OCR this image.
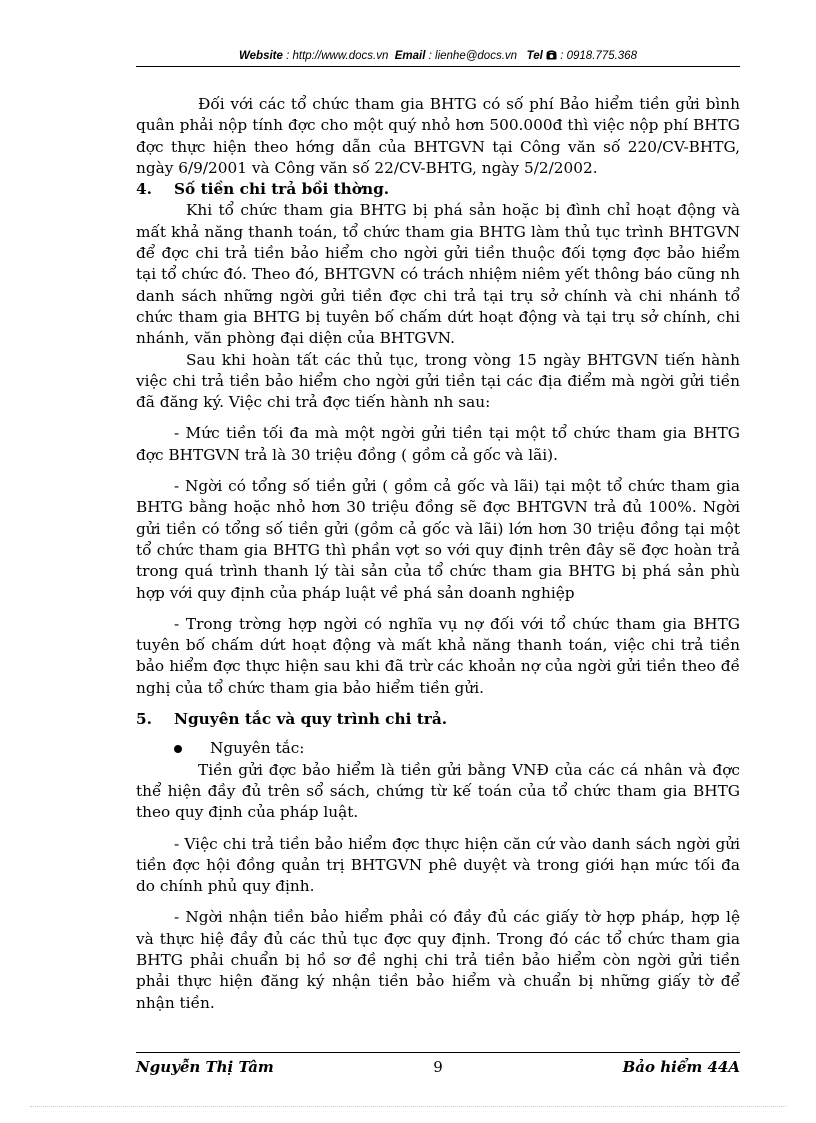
Website : http://www.docs.vn Email : lienhe@docs.vn Tel : 0918.775.368

Đối với các tổ chức tham gia BHTG có số phí Bảo hiểm tiền gửi bình quân phải nộp tính đợc cho một quý nhỏ hơn 500.000đ thì việc nộp phí BHTG đợc thực hiện theo hớng dẫn của BHTGVN tại Công văn số 220/CV-BHTG, ngày 6/9/2001 và Công văn số 22/CV-BHTG, ngày 5/2/2002.

4.	Số tiền chi trả bồi thờng.

Khi tổ chức tham gia BHTG bị phá sản hoặc bị đình chỉ hoạt động và mất khả năng thanh toán, tổ chức tham gia BHTG làm thủ tục trình BHTGVN để đợc chi trả tiền bảo hiểm cho ngời gửi tiền thuộc đối tợng đợc bảo hiểm tại tổ chức đó. Theo đó, BHTGVN có trách nhiệm niêm yết thông báo cũng nh danh sách những ngời gửi tiền đợc chi trả tại trụ sở chính và chi nhánh tổ chức tham gia BHTG bị tuyên bố chấm dứt hoạt động và tại trụ sở chính, chi nhánh, văn phòng đại diện của BHTGVN.

Sau khi hoàn tất các thủ tục, trong vòng 15 ngày BHTGVN tiến hành việc chi trả tiền bảo hiểm cho ngời gửi tiền tại các địa điểm mà ngời gửi tiền đã đăng ký. Việc chi trả đợc tiến hành nh sau:

- Mức tiền tối đa mà một ngời gửi tiền tại một tổ chức tham gia BHTG đợc BHTGVN trả là 30 triệu đồng ( gồm cả gốc và lãi).

- Ngời có tổng số tiền gửi ( gồm cả gốc và lãi) tại một tổ chức tham gia BHTG bằng hoặc nhỏ hơn 30 triệu đồng sẽ đợc BHTGVN trả đủ 100%. Ngời gửi tiền có tổng số tiền gửi (gồm cả gốc và lãi) lớn hơn 30 triệu đồng tại một tổ chức tham gia BHTG thì phần vợt so với quy định trên đây sẽ đợc hoàn trả trong quá trình thanh lý tài sản của tổ chức tham gia BHTG bị phá sản phù hợp với quy định của pháp luật về phá sản doanh nghiệp

- Trong trờng hợp ngời có nghĩa vụ nợ đối với tổ chức tham gia BHTG tuyên bố chấm dứt hoạt động và mất khả năng thanh toán, việc chi trả tiền bảo hiểm đợc thực hiện sau khi đã trừ các khoản nợ của ngời gửi tiền theo đề nghị của tổ chức tham gia bảo hiểm tiền gửi.

5.	Nguyên tắc và quy trình chi trả.

Nguyên tắc:

Tiền gửi đợc bảo hiểm là tiền gửi bằng VNĐ của các cá nhân và đợc thể hiện đầy đủ trên sổ sách, chứng từ kế toán của tổ chức tham gia BHTG theo quy định của pháp luật.

- Việc chi trả tiền bảo hiểm đợc thực hiện căn cứ vào danh sách ngời gửi tiền đợc hội đồng quản trị BHTGVN phê duyệt và trong giới hạn mức tối đa do chính phủ quy định.

- Ngời nhận tiền bảo hiểm phải có đầy đủ các giấy tờ hợp pháp, hợp lệ và thực hiệ đầy đủ các thủ tục đợc quy định. Trong đó các tổ chức tham gia BHTG phải chuẩn bị hồ sơ đề nghị chi trả tiền bảo hiểm còn ngời gửi tiền phải thực hiện đăng ký nhận tiền bảo hiểm và chuẩn bị những giấy tờ để nhận tiền.

Nguyễn Thị Tâm	9	Bảo hiểm 44A
